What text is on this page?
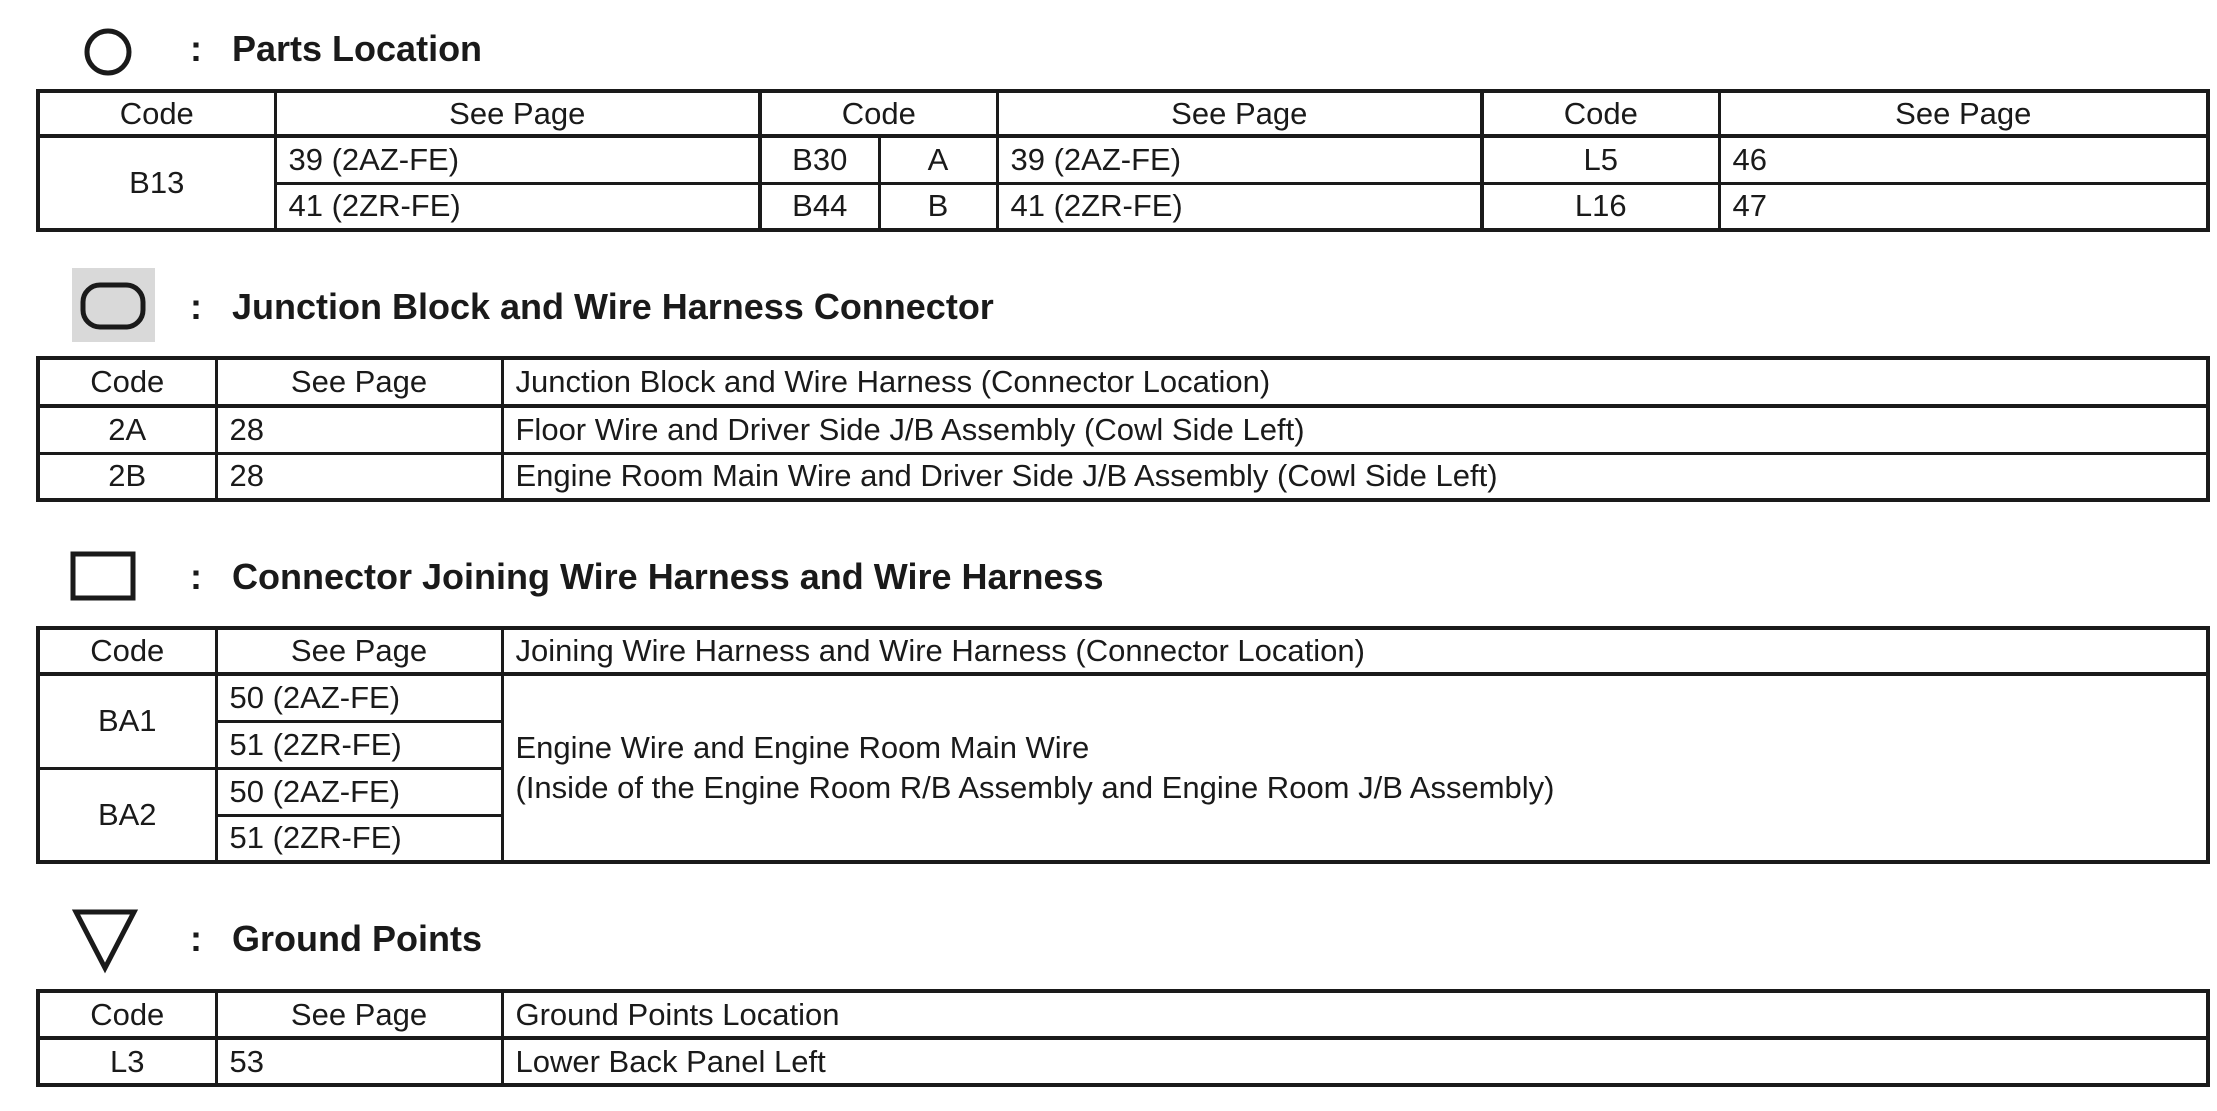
: Parts Location
Code	See Page	Code		See Page	Code	See Page
B13	39 (2AZ-FE)	B30	A	39 (2AZ-FE)	L5	46
	41 (2ZR-FE)	B44	B	41 (2ZR-FE)	L16	47
: Junction Block and Wire Harness Connector
Code	See Page	Junction Block and Wire Harness (Connector Location)
2A	28	Floor Wire and Driver Side J/B Assembly (Cowl Side Left)
2B	28	Engine Room Main Wire and Driver Side J/B Assembly (Cowl Side Left)
: Connector Joining Wire Harness and Wire Harness
Code	See Page	Joining Wire Harness and Wire Harness (Connector Location)
BA1	50 (2AZ-FE)	Engine Wire and Engine Room Main Wire
(Inside of the Engine Room R/B Assembly and Engine Room J/B Assembly)

	51 (2ZR-FE)	
BA2	50 (2AZ-FE)	
	51 (2ZR-FE)	
: Ground Points
Code	See Page	Ground Points Location
L3	53	Lower Back Panel Left
